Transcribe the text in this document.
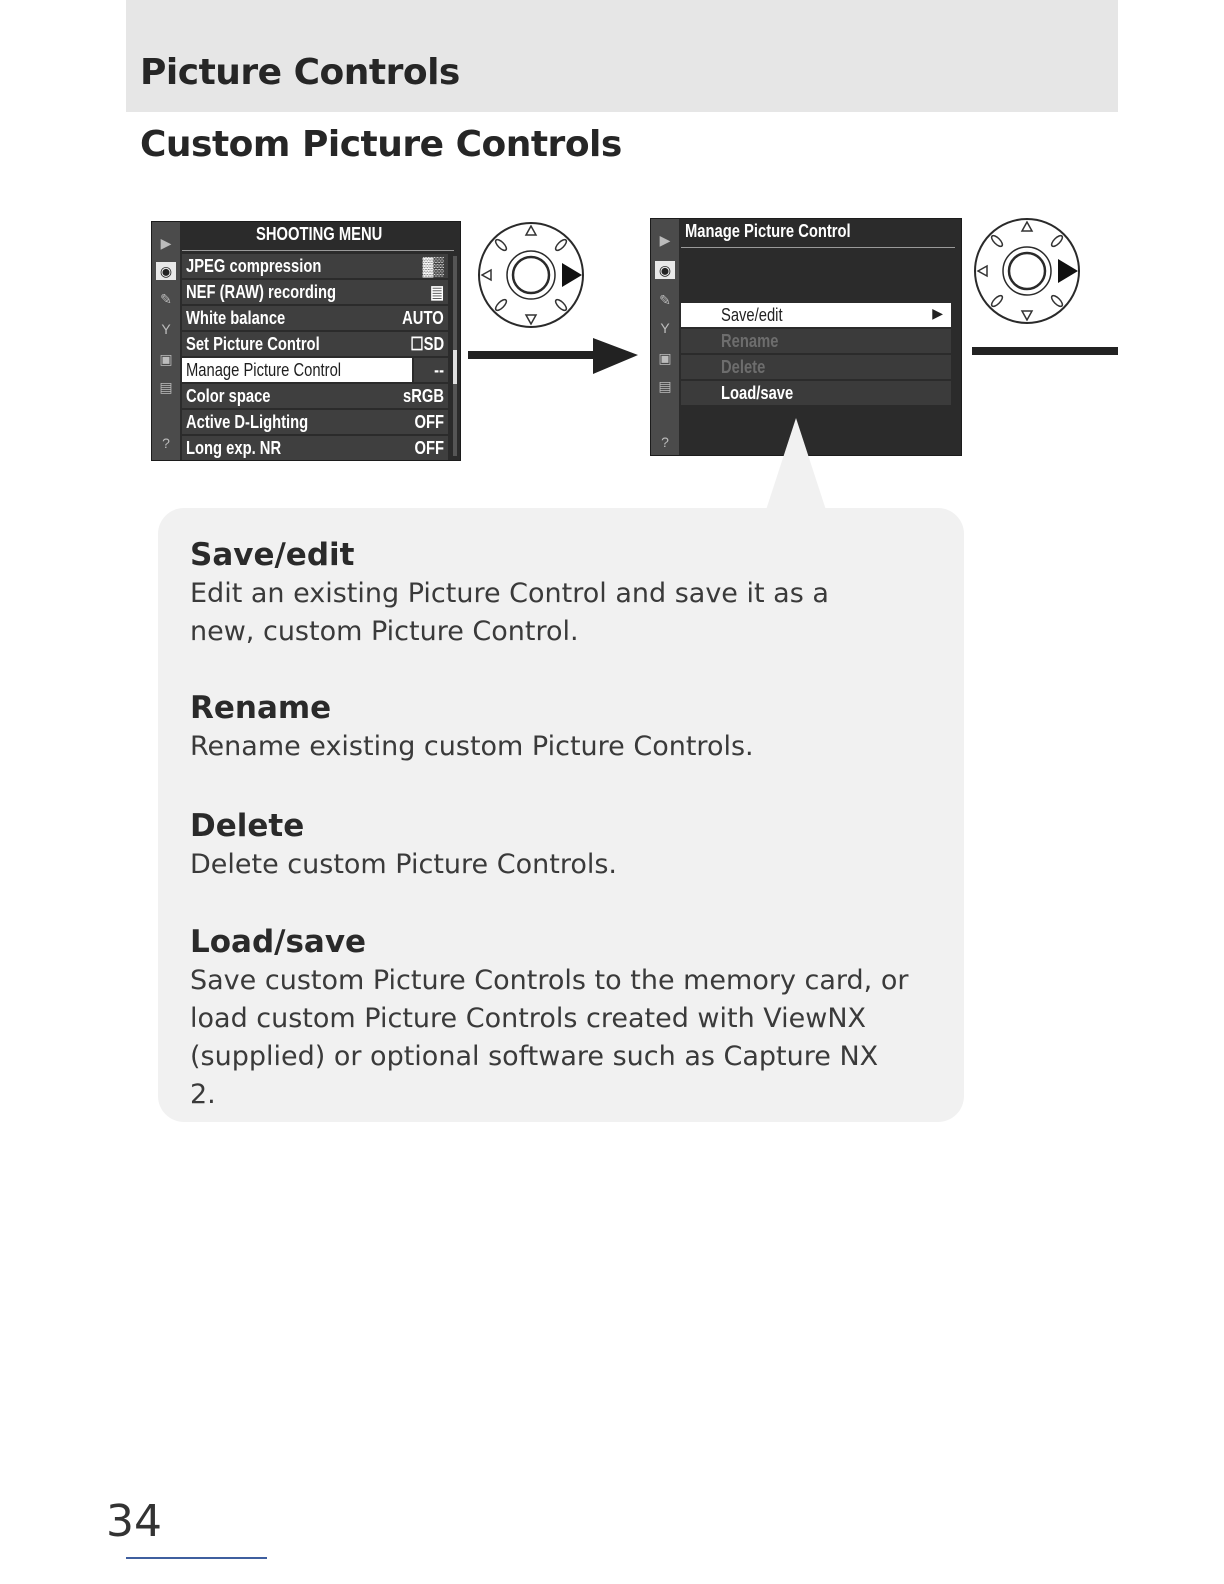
Picture Controls
Custom Picture Controls
▶
◉
✎
Y
▣
▤
?
SHOOTING MENU
JPEG compression	▓▒
NEF (RAW) recording	▤
White balance	AUTO
Set Picture Control	☐SD
Manage Picture Control	--
Color space	sRGB
Active D-Lighting	OFF
Long exp. NR	OFF
▶
◉
✎
Y
▣
▤
?
Manage Picture Control
Save/edit	▶
Rename
Delete
Load/save
Save/edit

Edit an existing Picture Control and save it as a new, custom Picture Control.

Rename

Rename existing custom Picture Controls.

Delete

Delete custom Picture Controls.

Load/save

Save custom Picture Controls to the memory card, or load custom Picture Controls created with ViewNX (supplied) or optional software such as Capture NX 2.

34
